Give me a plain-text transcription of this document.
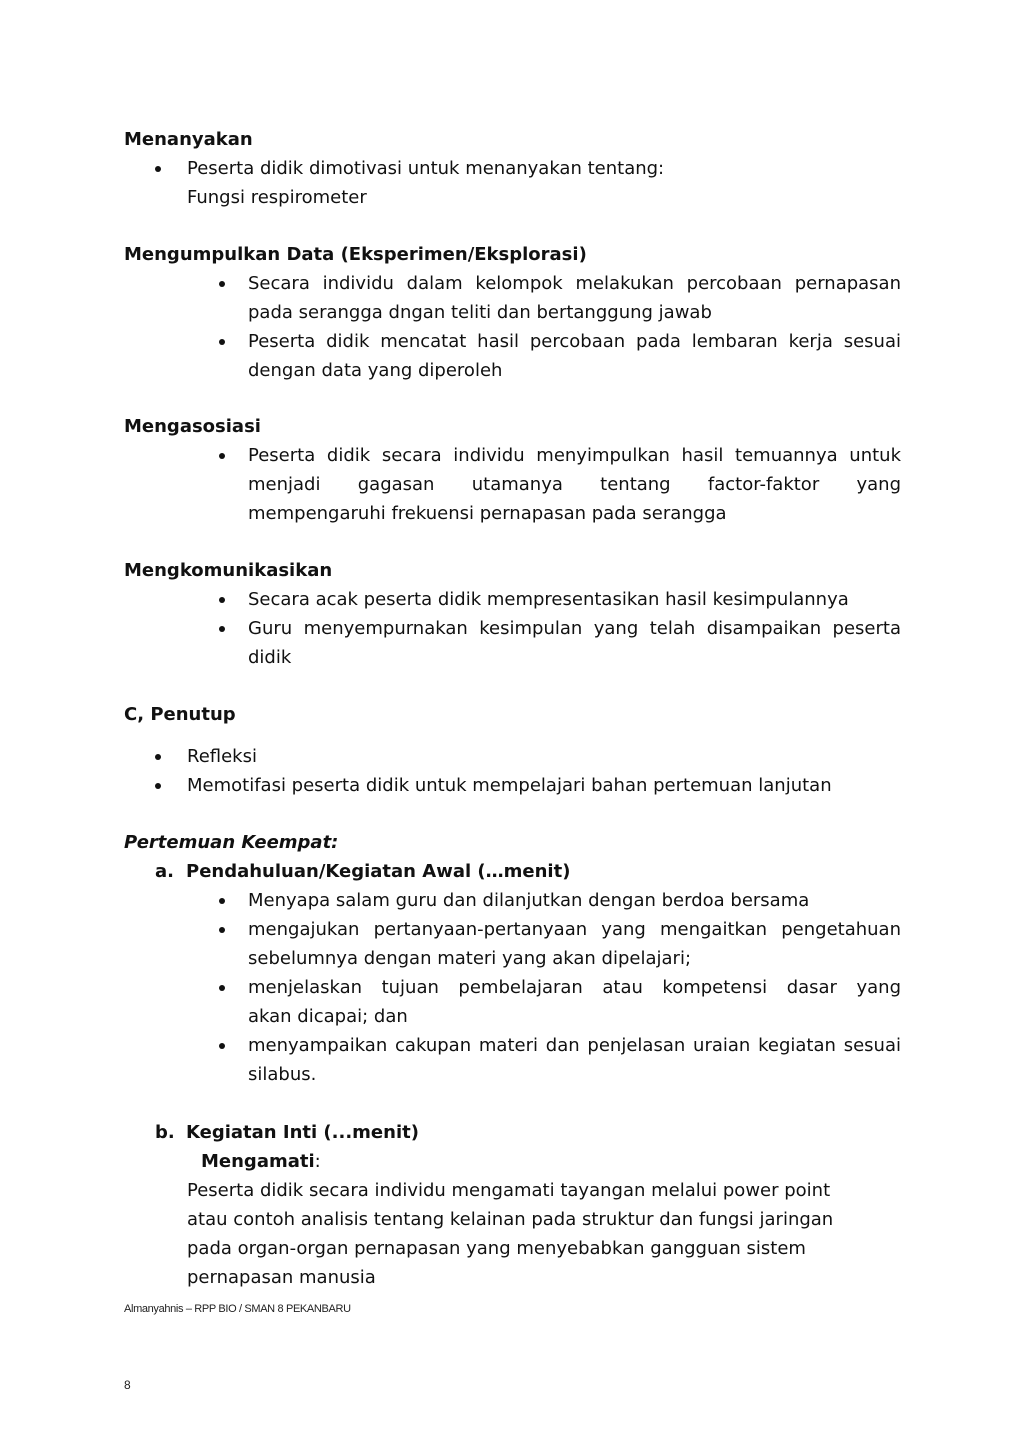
Menanyakan
Peserta didik dimotivasi untuk menanyakan tentang:
Fungsi respirometer
Mengumpulkan Data (Eksperimen/Eksplorasi)
Secara individu dalam kelompok melakukan percobaan pernapasan
pada serangga dngan teliti dan bertanggung jawab
Peserta didik mencatat hasil percobaan pada lembaran kerja sesuai
dengan data yang diperoleh
Mengasosiasi
Peserta didik secara individu menyimpulkan hasil temuannya untuk
menjadi gagasan utamanya tentang factor-faktor yang
mempengaruhi frekuensi pernapasan pada serangga
Mengkomunikasikan
Secara acak peserta didik mempresentasikan hasil kesimpulannya
Guru menyempurnakan kesimpulan yang telah disampaikan peserta
didik
C, Penutup
Refleksi
Memotifasi peserta didik untuk mempelajari bahan pertemuan lanjutan
Pertemuan Keempat:
a. Pendahuluan/Kegiatan Awal (…menit)
Menyapa salam guru dan dilanjutkan dengan berdoa bersama
mengajukan pertanyaan-pertanyaan yang mengaitkan pengetahuan
sebelumnya dengan materi yang akan dipelajari;
menjelaskan tujuan pembelajaran atau kompetensi dasar yang
akan dicapai; dan
menyampaikan cakupan materi dan penjelasan uraian kegiatan sesuai
silabus.
b. Kegiatan Inti (...menit)
Mengamati:
Peserta didik secara individu mengamati tayangan melalui power point
atau contoh analisis tentang kelainan pada struktur dan fungsi jaringan
pada organ-organ pernapasan yang menyebabkan gangguan sistem
pernapasan manusia
Almanyahnis – RPP BIO / SMAN 8 PEKANBARU
8
